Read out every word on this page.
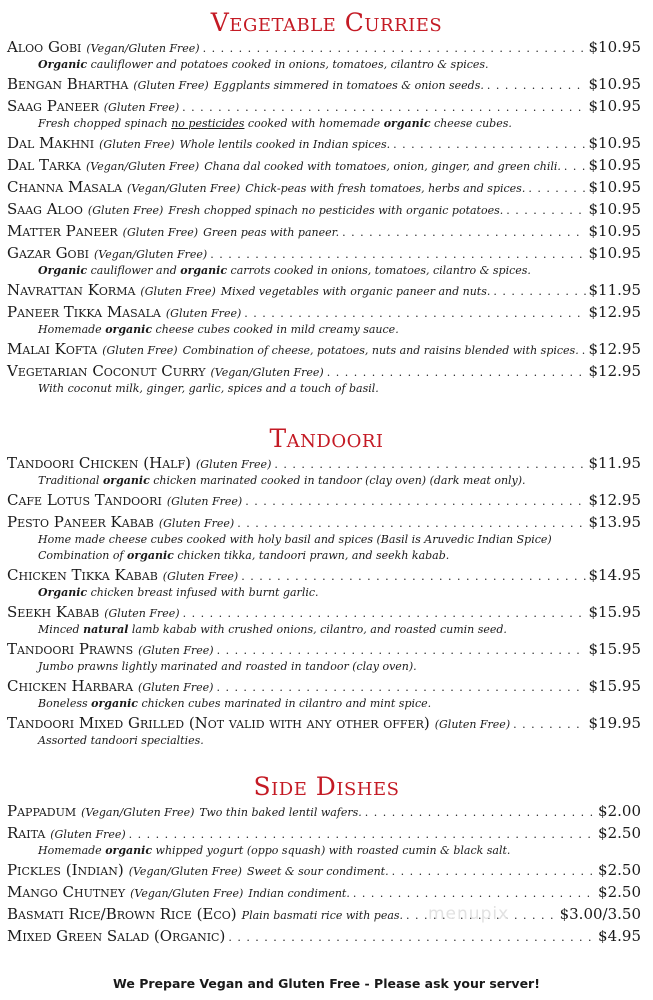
Vegetable Curries
Aloo Gobi (Vegan/Gluten Free) . . .	$10.95
Organic cauliflower and potatoes cooked in onions, tomatoes, cilantro & spices.
Bengan Bhartha (Gluten Free) Eggplants simmered in tomatoes & onion seeds. . . .	$10.95
Saag Paneer (Gluten Free) . . .	$10.95
Fresh chopped spinach no pesticides cooked with homemade organic cheese cubes.
Dal Makhni (Gluten Free) Whole lentils cooked in Indian spices. . . .	$10.95
Dal Tarka (Vegan/Gluten Free) Chana dal cooked with tomatoes, onion, ginger, and green chili. . . . $10.95
Channa Masala (Vegan/Gluten Free) Chick-peas with fresh tomatoes, herbs and spices. . . .	$10.95
Saag Aloo (Gluten Free) Fresh chopped spinach no pesticides with organic potatoes. . . .	$10.95
Matter Paneer (Gluten Free) Green peas with paneer. . . .	$10.95
Gazar Gobi (Vegan/Gluten Free) . . .	$10.95
Organic cauliflower and organic carrots cooked in onions, tomatoes, cilantro & spices.
Navrattan Korma (Gluten Free) Mixed vegetables with organic paneer and nuts. . . .	$11.95
Paneer Tikka Masala (Gluten Free) . . .	$12.95
Homemade organic cheese cubes cooked in mild creamy sauce.
Malai Kofta (Gluten Free) Combination of cheese, potatoes, nuts and raisins blended with spices. . . . $12.95
Vegetarian Coconut Curry (Vegan/Gluten Free) . . .	$12.95
With coconut milk, ginger, garlic, spices and a touch of basil.
Tandoori
Tandoori Chicken (Half) (Gluten Free) . . .	$11.95
Traditional organic chicken marinated cooked in tandoor (clay oven) (dark meat only).
Cafe Lotus Tandoori (Gluten Free) . . .	$12.95
Pesto Paneer Kabab (Gluten Free) . . .	$13.95
Home made cheese cubes cooked with holy basil and spices (Basil is Aruvedic Indian Spice)
Combination of organic chicken tikka, tandoori prawn, and seekh kabab.
Chicken Tikka Kabab (Gluten Free) . . .	$14.95
Organic chicken breast infused with burnt garlic.
Seekh Kabab (Gluten Free) . . .	$15.95
Minced natural lamb kabab with crushed onions, cilantro, and roasted cumin seed.
Tandoori Prawns (Gluten Free) . . .	$15.95
Jumbo prawns lightly marinated and roasted in tandoor (clay oven).
Chicken Harbara (Gluten Free) . . .	$15.95
Boneless organic chicken cubes marinated in cilantro and mint spice.
Tandoori Mixed Grilled (Not valid with any other offer) (Gluten Free) . . .	$19.95
Assorted tandoori specialties.
Side Dishes
Pappadum (Vegan/Gluten Free) Two thin baked lentil wafers. . . .	$2.00
Raita (Gluten Free) . . .	$2.50
Homemade organic whipped yogurt (oppo squash) with roasted cumin & black salt.
Pickles (Indian) (Vegan/Gluten Free) Sweet & sour condiment. . . .	$2.50
Mango Chutney (Vegan/Gluten Free) Indian condiment. . . .	$2.50
Basmati Rice/Brown Rice (Eco) Plain basmati rice with peas. . . .	$3.00/3.50
Mixed Green Salad (Organic) . . .	$4.95
menupix
We Prepare Vegan and Gluten Free - Please ask your server!
